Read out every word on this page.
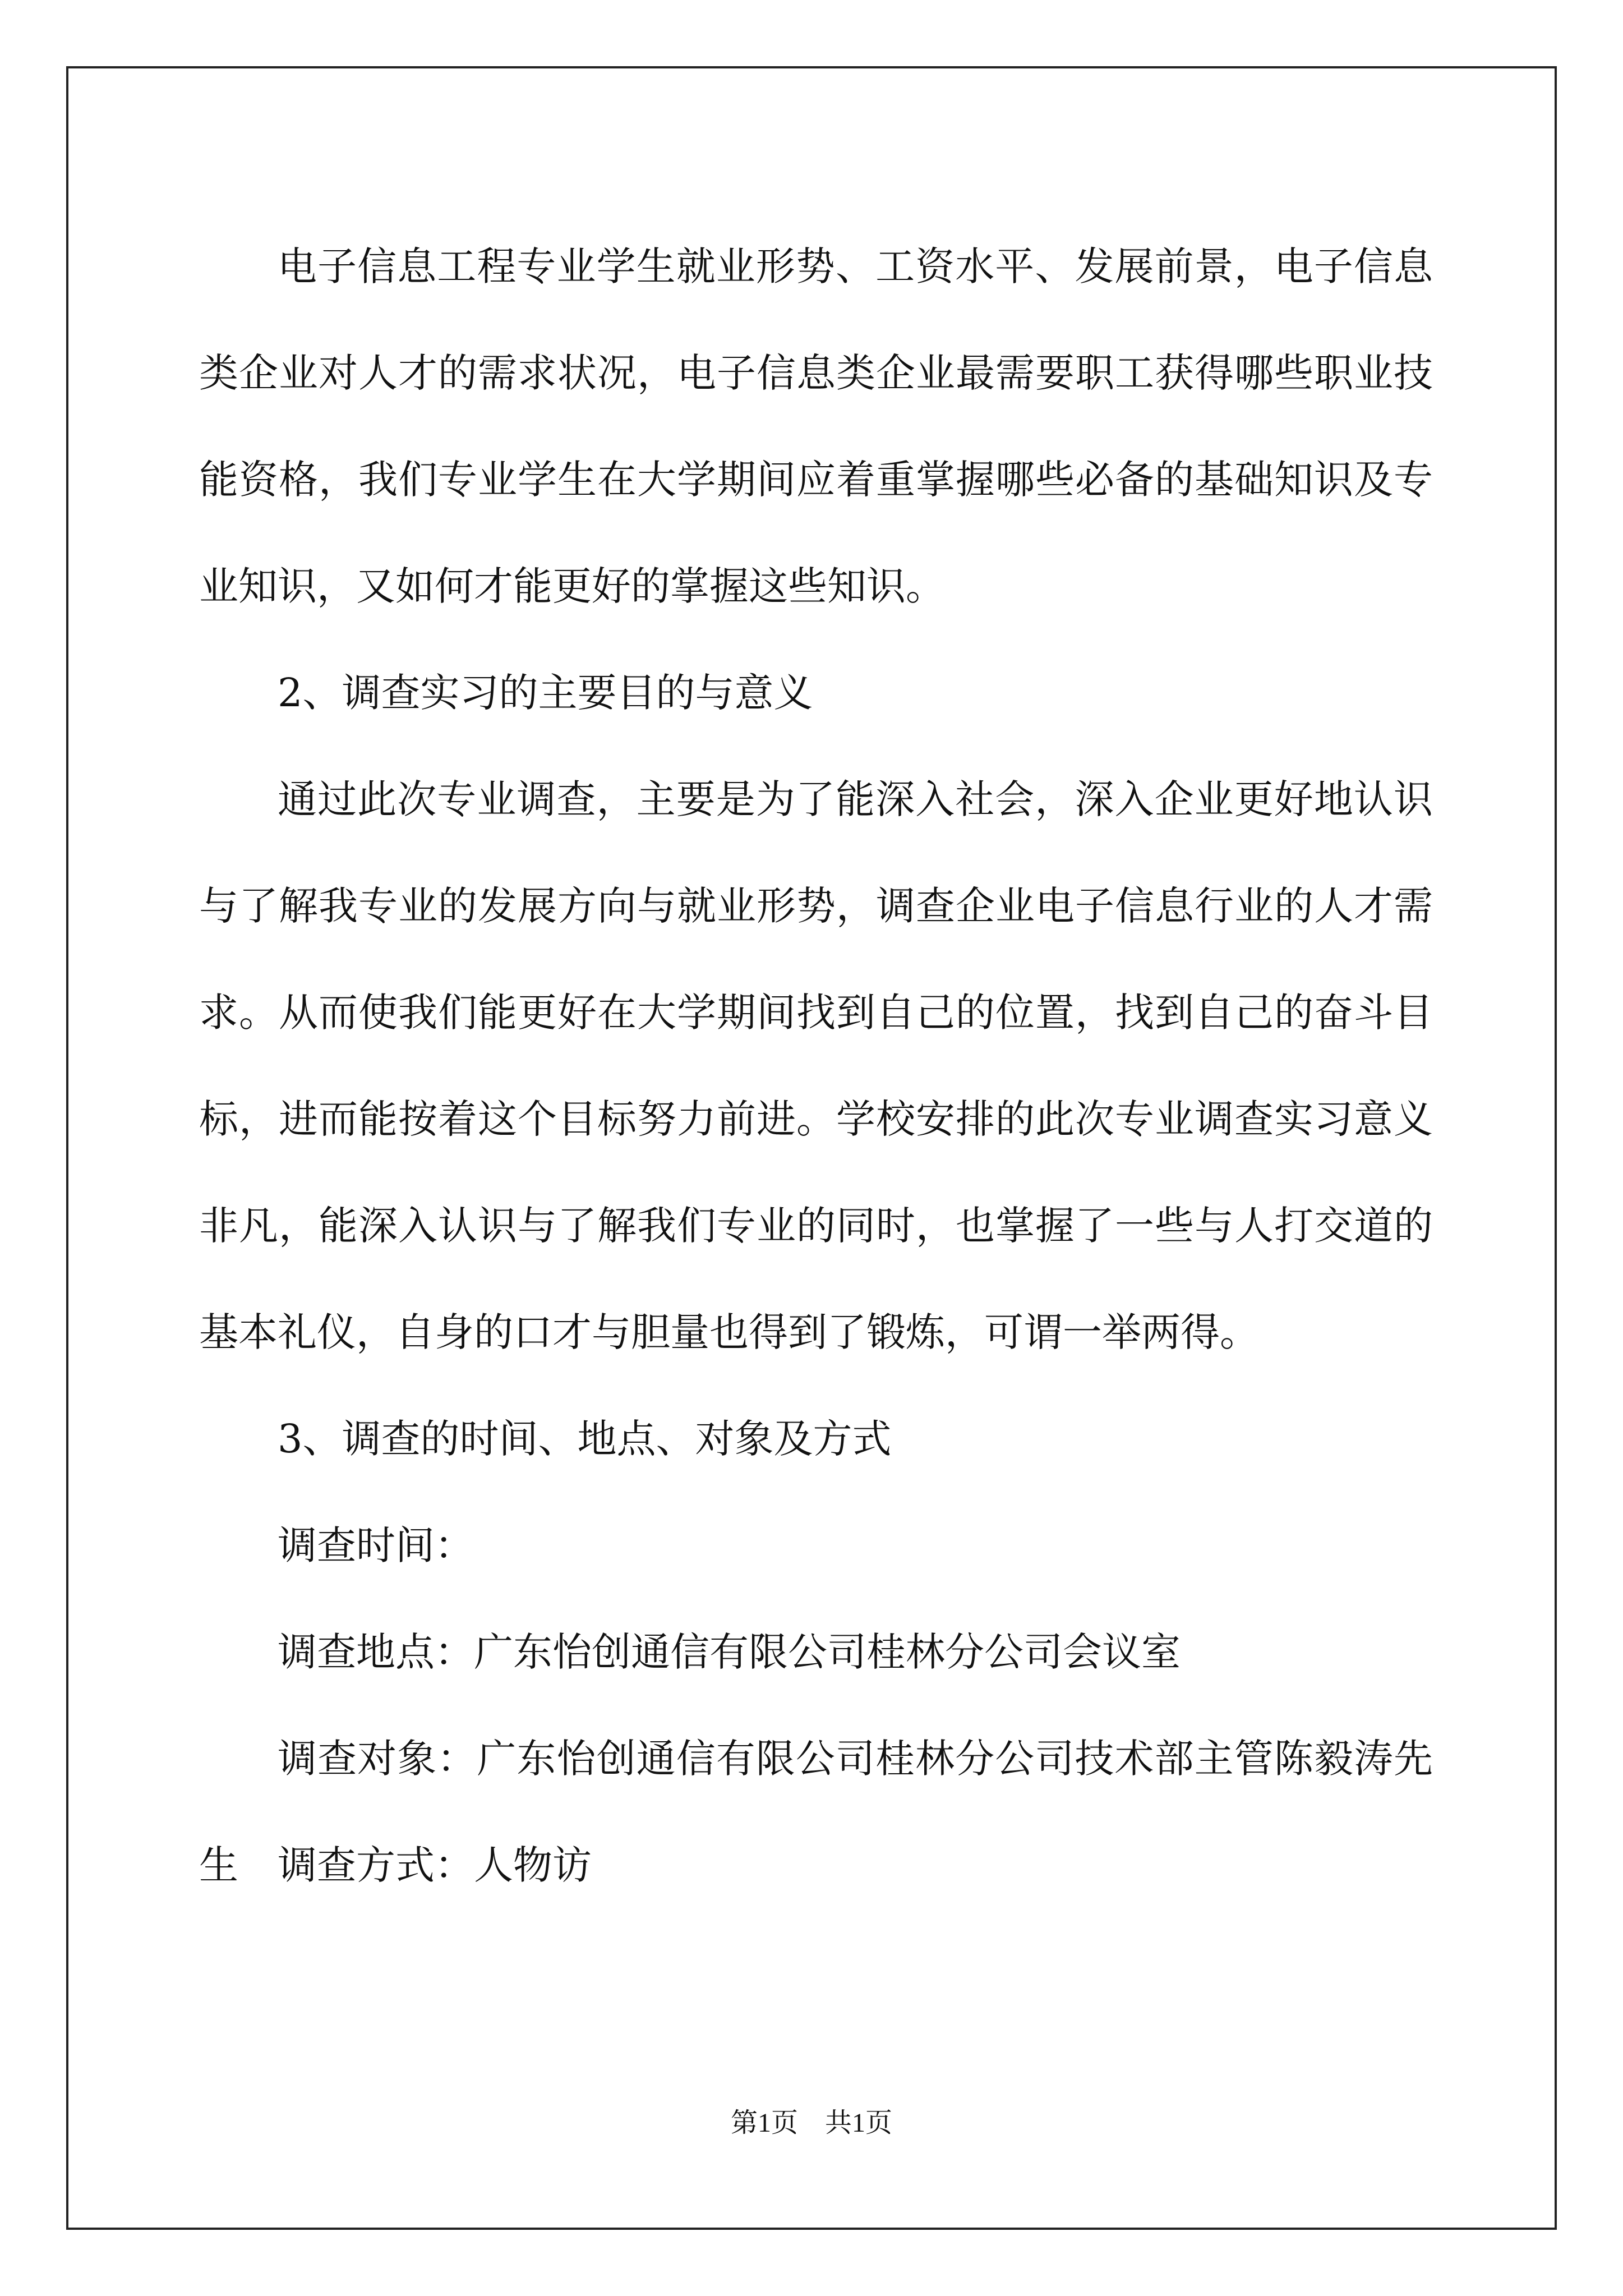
电子信息工程专业学生就业形势、工资水平、发展前景，电子信息类企业对人才的需求状况，电子信息类企业最需要职工获得哪些职业技能资格，我们专业学生在大学期间应着重掌握哪些必备的基础知识及专业知识，又如何才能更好的掌握这些知识。

2、调查实习的主要目的与意义

通过此次专业调查，主要是为了能深入社会，深入企业更好地认识与了解我专业的发展方向与就业形势，调查企业电子信息行业的人才需求。从而使我们能更好在大学期间找到自己的位置，找到自己的奋斗目标，进而能按着这个目标努力前进。学校安排的此次专业调查实习意义非凡，能深入认识与了解我们专业的同时，也掌握了一些与人打交道的基本礼仪，自身的口才与胆量也得到了锻炼，可谓一举两得。

3、调查的时间、地点、对象及方式

调查时间：

调查地点：广东怡创通信有限公司桂林分公司会议室

调查对象：广东怡创通信有限公司桂林分公司技术部主管陈毅涛先生　调查方式：人物访

第1页　共1页
